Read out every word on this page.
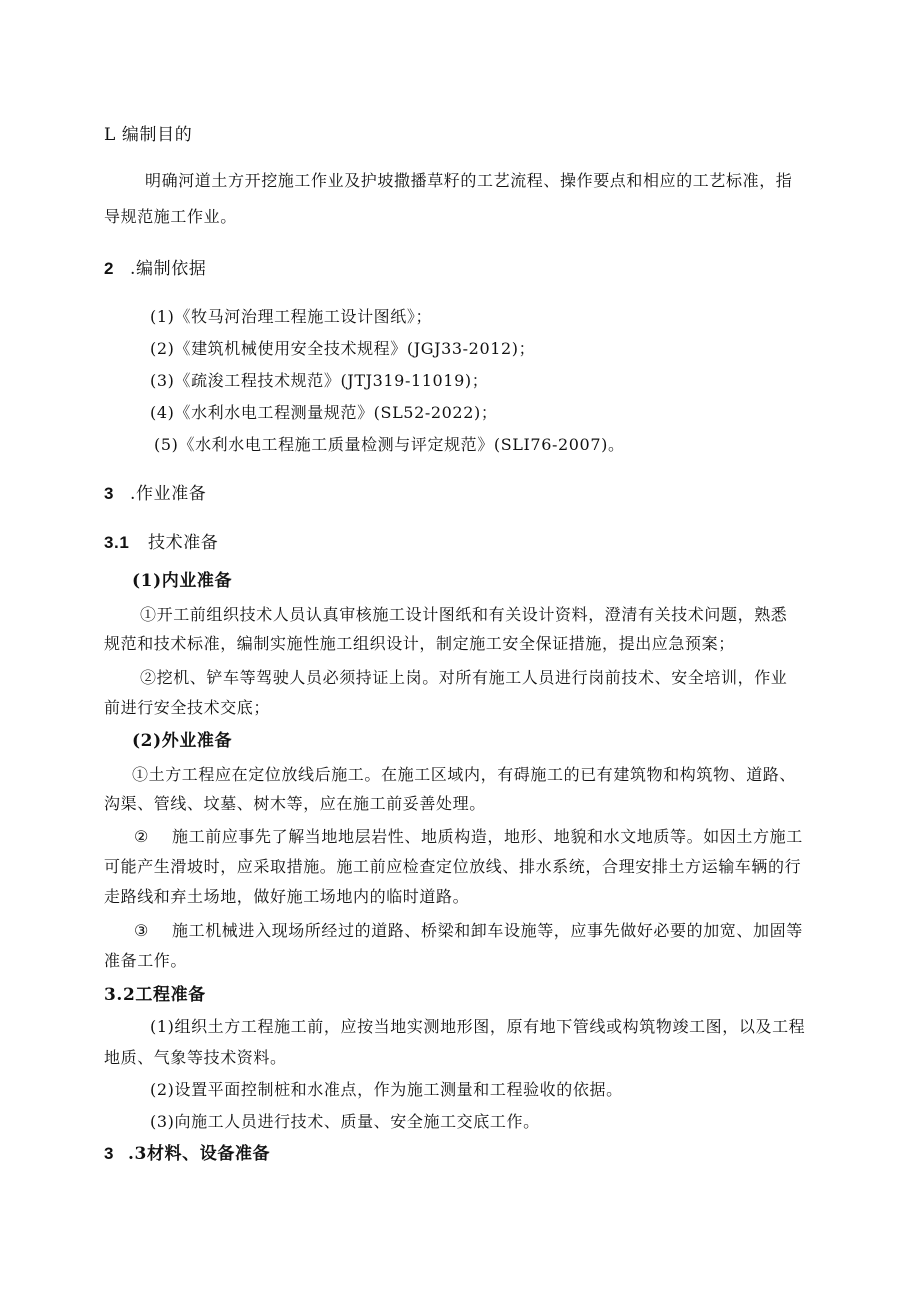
L 编制目的
明确河道土方开挖施工作业及护坡撒播草籽的工艺流程、操作要点和相应的工艺标准，指
导规范施工作业。
2 .编制依据
(1)《牧马河治理工程施工设计图纸》；
(2)《建筑机械使用安全技术规程》(JGJ33-2012)；
(3)《疏浚工程技术规范》(JTJ319-11019)；
(4)《水利水电工程测量规范》(SL52-2022)；
(5)《水利水电工程施工质量检测与评定规范》(SLI76-2007)。
3 .作业准备
3.1 技术准备
(1)内业准备
①开工前组织技术人员认真审核施工设计图纸和有关设计资料，澄清有关技术问题，熟悉
规范和技术标准，编制实施性施工组织设计，制定施工安全保证措施，提出应急预案；
②挖机、铲车等驾驶人员必须持证上岗。对所有施工人员进行岗前技术、安全培训，作业
前进行安全技术交底；
(2)外业准备
①土方工程应在定位放线后施工。在施工区域内，有碍施工的已有建筑物和构筑物、道路、
沟渠、管线、坟墓、树木等，应在施工前妥善处理。
② 施工前应事先了解当地地层岩性、地质构造，地形、地貌和水文地质等。如因土方施工
可能产生滑坡时，应采取措施。施工前应检查定位放线、排水系统，合理安排土方运输车辆的行
走路线和弃土场地，做好施工场地内的临时道路。
③ 施工机械进入现场所经过的道路、桥梁和卸车设施等，应事先做好必要的加宽、加固等
准备工作。
3.2工程准备
(1)组织土方工程施工前，应按当地实测地形图，原有地下管线或构筑物竣工图，以及工程
地质、气象等技术资料。
(2)设置平面控制桩和水准点，作为施工测量和工程验收的依据。
(3)向施工人员进行技术、质量、安全施工交底工作。
3 .3材料、设备准备
